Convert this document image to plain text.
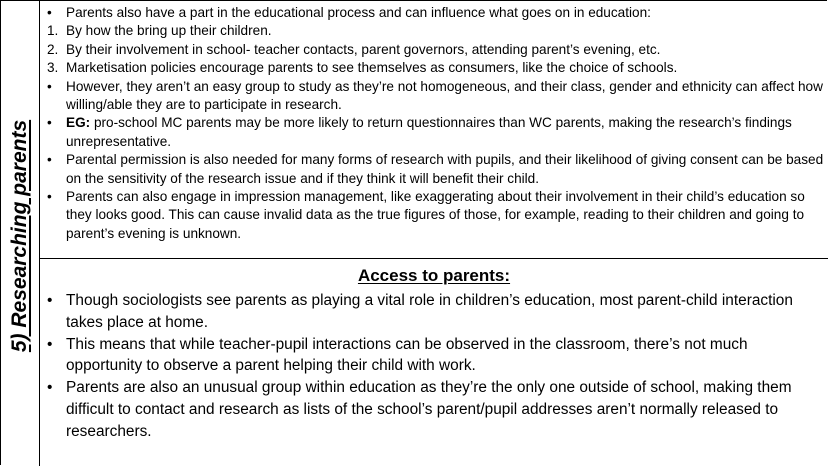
5) Researching parents
•	Parents also have a part in the educational process and can influence what goes on in education:
1. By how the bring up their children.
2. By their involvement in school- teacher contacts, parent governors, attending parent’s evening, etc.
3. Marketisation policies encourage parents to see themselves as consumers, like the choice of schools.
•	However, they aren’t an easy group to study as they’re not homogeneous, and their class, gender and ethnicity can affect how willing/able they are to participate in research.
•	EG: pro-school MC parents may be more likely to return questionnaires than WC parents, making the research’s findings unrepresentative.
•	Parental permission is also needed for many forms of research with pupils, and their likelihood of giving consent can be based on the sensitivity of the research issue and if they think it will benefit their child.
•	Parents can also engage in impression management, like exaggerating about their involvement in their child’s education so they looks good. This can cause invalid data as the true figures of those, for example, reading to their children and going to parent’s evening is unknown.
Access to parents:
• Though sociologists see parents as playing a vital role in children’s education, most parent-child interaction takes place at home.
• This means that while teacher-pupil interactions can be observed in the classroom, there’s not much opportunity to observe a parent helping their child with work.
• Parents are also an unusual group within education as they’re the only one outside of school, making them difficult to contact and research as lists of the school’s parent/pupil addresses aren’t normally released to researchers.
